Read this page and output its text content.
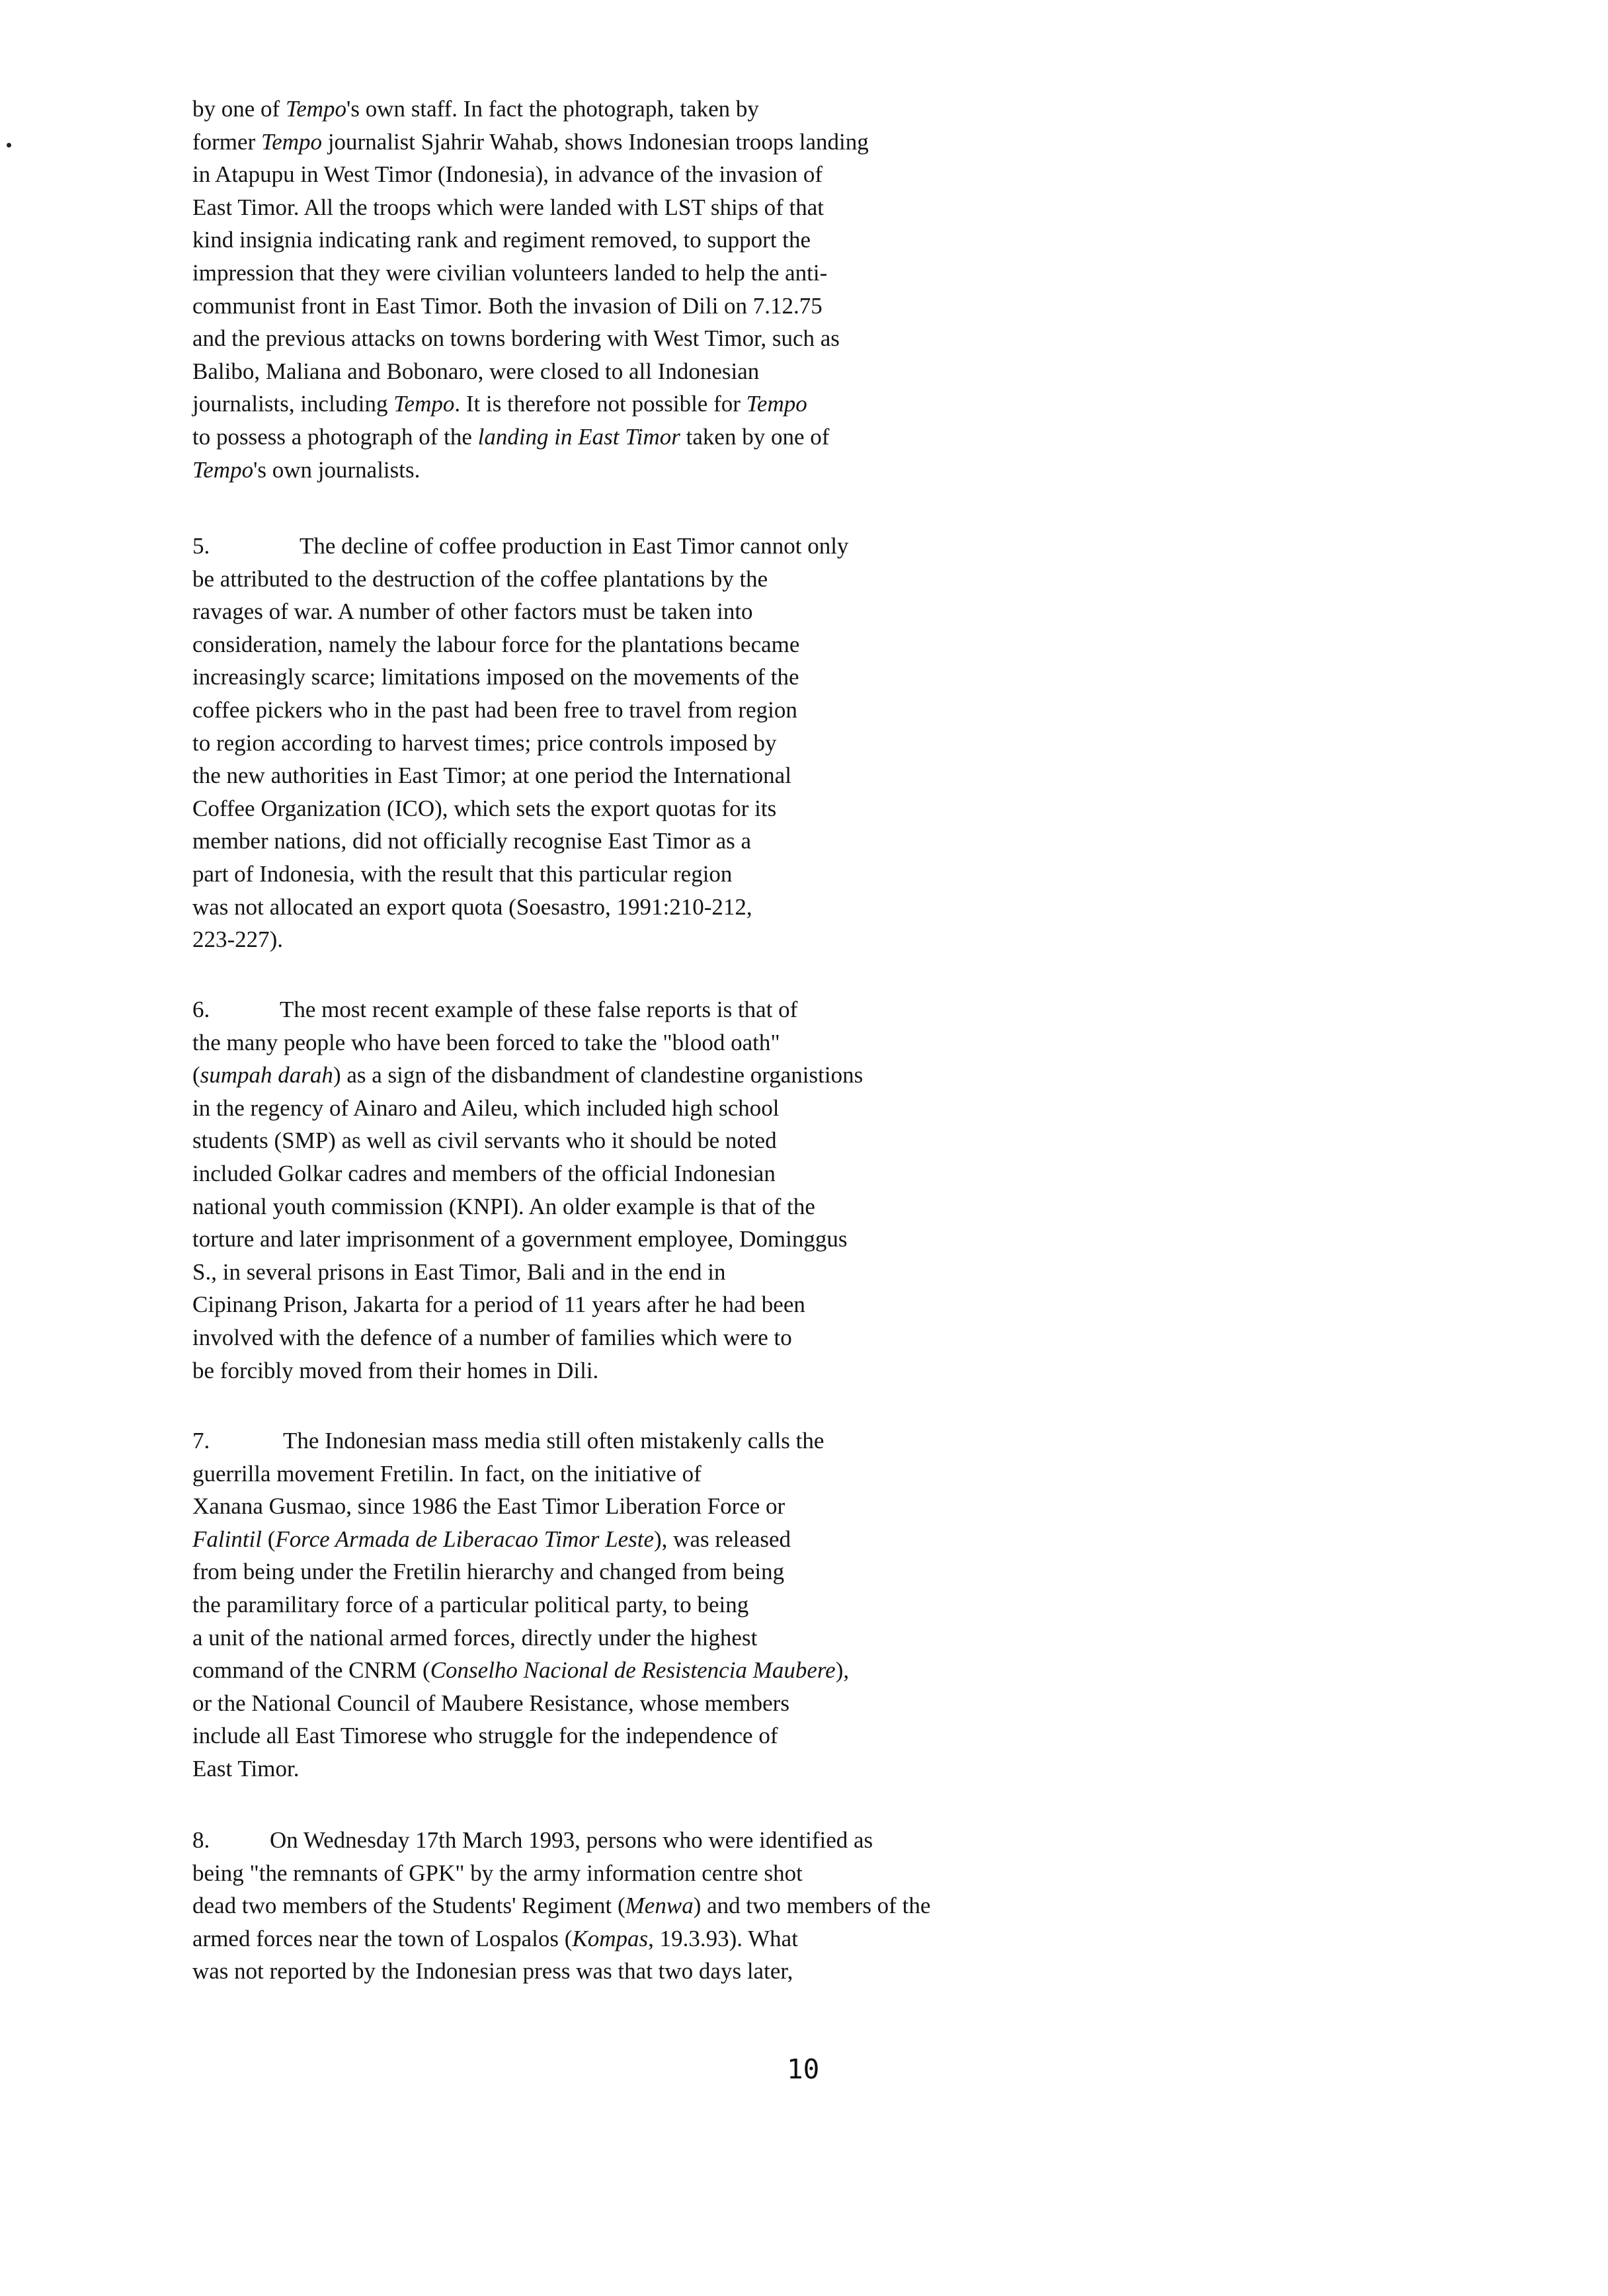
by one of Tempo's own staff. In fact the photograph, taken by
former Tempo journalist Sjahrir Wahab, shows Indonesian troops landing
in Atapupu in West Timor (Indonesia), in advance of the invasion of
East Timor. All the troops which were landed with LST ships of that
kind insignia indicating rank and regiment removed, to support the
impression that they were civilian volunteers landed to help the anti-
communist front in East Timor. Both the invasion of Dili on 7.12.75
and the previous attacks on towns bordering with West Timor, such as
Balibo, Maliana and Bobonaro, were closed to all Indonesian
journalists, including Tempo. It is therefore not possible for Tempo
to possess a photograph of the landing in East Timor taken by one of
Tempo's own journalists.
5.	The decline of coffee production in East Timor cannot only
be attributed to the destruction of the coffee plantations by the
ravages of war. A number of other factors must be taken into
consideration, namely the labour force for the plantations became
increasingly scarce; limitations imposed on the movements of the
coffee pickers who in the past had been free to travel from region
to region according to harvest times; price controls imposed by
the new authorities in East Timor; at one period the International
Coffee Organization (ICO), which sets the export quotas for its
member nations, did not officially recognise East Timor as a
part of Indonesia, with the result that this particular region
was not allocated an export quota (Soesastro, 1991:210-212,
223-227).
6.	The most recent example of these false reports is that of
the many people who have been forced to take the "blood oath"
(sumpah darah) as a sign of the disbandment of clandestine organistions
in the regency of Ainaro and Aileu, which included high school
students (SMP) as well as civil servants who it should be noted
included Golkar cadres and members of the official Indonesian
national youth commission (KNPI). An older example is that of the
torture and later imprisonment of a government employee, Dominggus
S., in several prisons in East Timor, Bali and in the end in
Cipinang Prison, Jakarta for a period of 11 years after he had been
involved with the defence of a number of families which were to
be forcibly moved from their homes in Dili.
7.	The Indonesian mass media still often mistakenly calls the
guerrilla movement Fretilin. In fact, on the initiative of
Xanana Gusmao, since 1986 the East Timor Liberation Force or
Falintil (Force Armada de Liberacao Timor Leste), was released
from being under the Fretilin hierarchy and changed from being
the paramilitary force of a particular political party, to being
a unit of the national armed forces, directly under the highest
command of the CNRM (Conselho Nacional de Resistencia Maubere),
or the National Council of Maubere Resistance, whose members
include all East Timorese who struggle for the independence of
East Timor.
8.	On Wednesday 17th March 1993, persons who were identified as
being "the remnants of GPK" by the army information centre shot
dead two members of the Students' Regiment (Menwa) and two members of the
armed forces near the town of Lospalos (Kompas, 19.3.93). What
was not reported by the Indonesian press was that two days later,
10
